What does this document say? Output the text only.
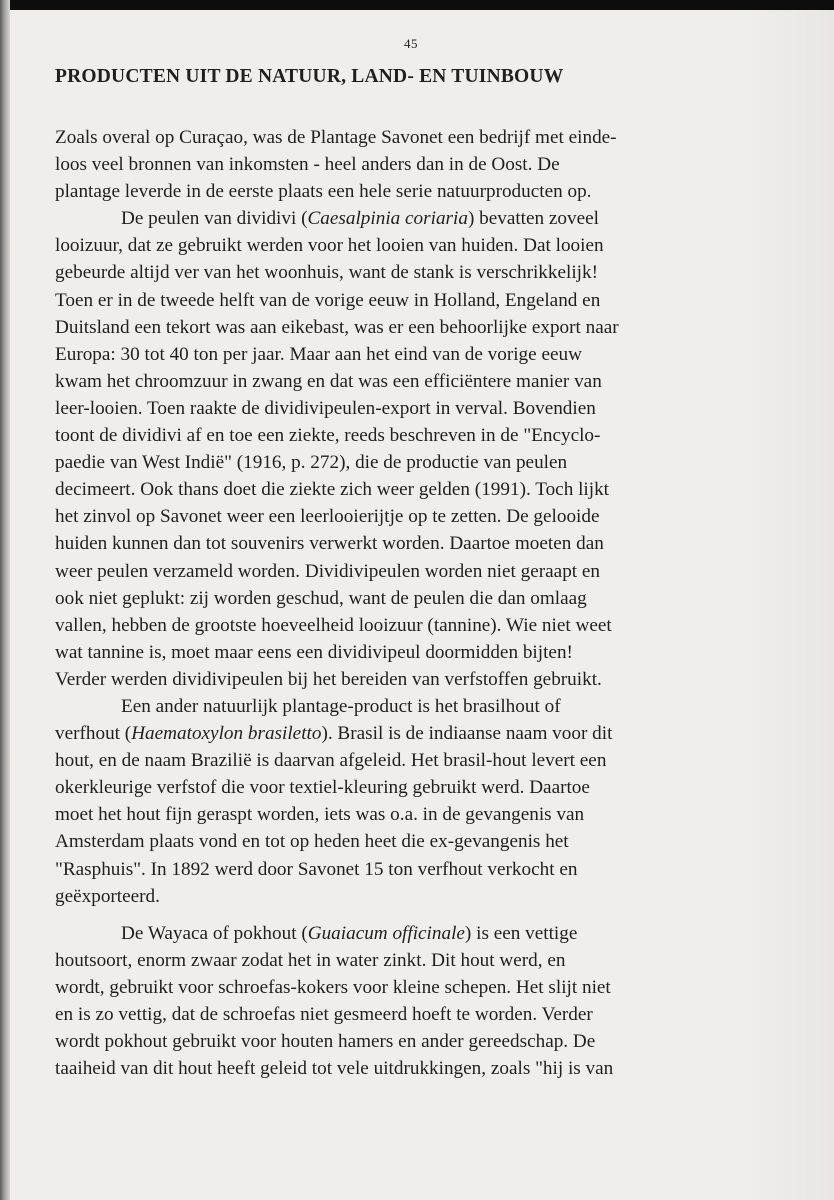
45
PRODUCTEN UIT DE NATUUR, LAND- EN TUINBOUW

Zoals overal op Curaçao, was de Plantage Savonet een bedrijf met einde-
loos veel bronnen van inkomsten - heel anders dan in de Oost. De
plantage leverde in de eerste plaats een hele serie natuurproducten op.

De peulen van dividivi (Caesalpinia coriaria) bevatten zoveel
looizuur, dat ze gebruikt werden voor het looien van huiden. Dat looien
gebeurde altijd ver van het woonhuis, want de stank is verschrikkelijk!
Toen er in de tweede helft van de vorige eeuw in Holland, Engeland en
Duitsland een tekort was aan eikebast, was er een behoorlijke export naar
Europa: 30 tot 40 ton per jaar. Maar aan het eind van de vorige eeuw
kwam het chroomzuur in zwang en dat was een efficiëntere manier van
leer-looien. Toen raakte de dividivipeulen-export in verval. Bovendien
toont de dividivi af en toe een ziekte, reeds beschreven in de "Encyclo-
paedie van West Indië" (1916, p. 272), die de productie van peulen
decimeert. Ook thans doet die ziekte zich weer gelden (1991). Toch lijkt
het zinvol op Savonet weer een leerlooierijtje op te zetten. De gelooide
huiden kunnen dan tot souvenirs verwerkt worden. Daartoe moeten dan
weer peulen verzameld worden. Dividivipeulen worden niet geraapt en
ook niet geplukt: zij worden geschud, want de peulen die dan omlaag
vallen, hebben de grootste hoeveelheid looizuur (tannine). Wie niet weet
wat tannine is, moet maar eens een dividivipeul doormidden bijten!
Verder werden dividivipeulen bij het bereiden van verfstoffen gebruikt.

Een ander natuurlijk plantage-product is het brasilhout of
verfhout (Haematoxylon brasiletto). Brasil is de indiaanse naam voor dit
hout, en de naam Brazilië is daarvan afgeleid. Het brasil-hout levert een
okerkleurige verfstof die voor textiel-kleuring gebruikt werd. Daartoe
moet het hout fijn geraspt worden, iets was o.a. in de gevangenis van
Amsterdam plaats vond en tot op heden heet die ex-gevangenis het
"Rasphuis". In 1892 werd door Savonet 15 ton verfhout verkocht en
geëxporteerd.

De Wayaca of pokhout (Guaiacum officinale) is een vettige
houtsoort, enorm zwaar zodat het in water zinkt. Dit hout werd, en
wordt, gebruikt voor schroefas-kokers voor kleine schepen. Het slijt niet
en is zo vettig, dat de schroefas niet gesmeerd hoeft te worden. Verder
wordt pokhout gebruikt voor houten hamers en ander gereedschap. De
taaiheid van dit hout heeft geleid tot vele uitdrukkingen, zoals "hij is van
